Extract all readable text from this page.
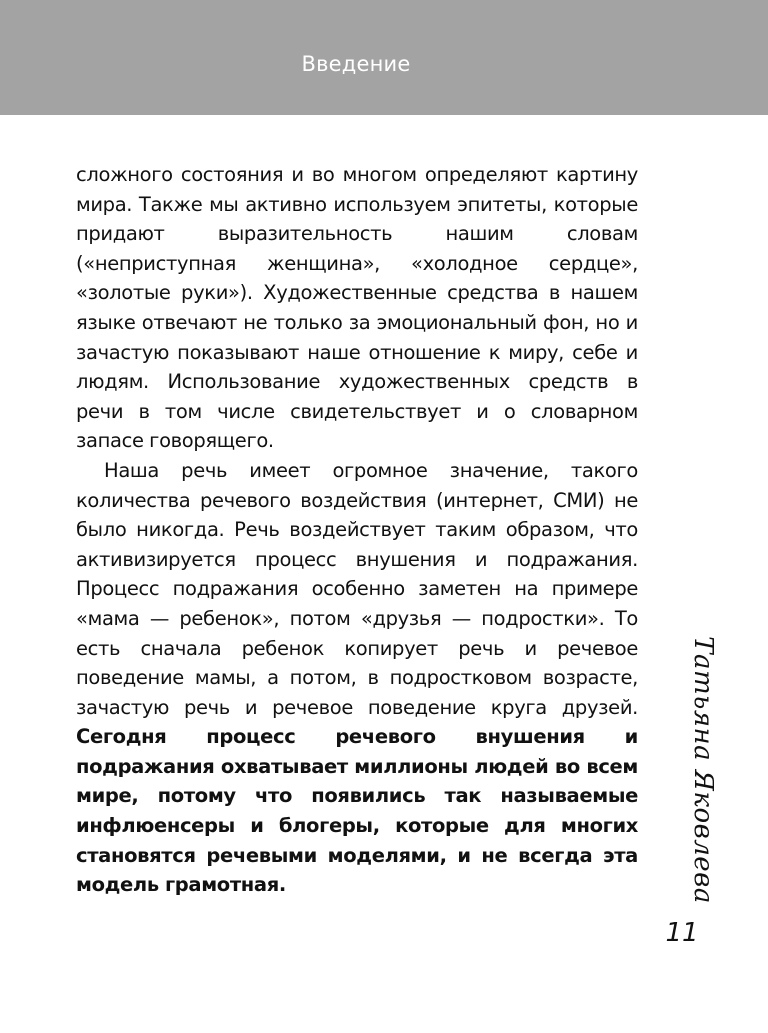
Введение

сложного состояния и во многом определяют картину мира. Также мы активно используем эпитеты, которые придают выразительность нашим словам («неприступная женщина», «холодное сердце», «золотые руки»). Художественные средства в нашем языке отвечают не только за эмоциональный фон, но и зачастую показывают наше отношение к миру, себе и людям. Использование художественных средств в речи в том числе свидетельствует и о словарном запасе говорящего.

Наша речь имеет огромное значение, такого количества речевого воздействия (интернет, СМИ) не было никогда. Речь воздействует таким образом, что активизируется процесс внушения и подражания. Процесс подражания особенно заметен на примере «мама — ребенок», потом «друзья — подростки». То есть сначала ребенок копирует речь и речевое поведение мамы, а потом, в подростковом возрасте, зачастую речь и речевое поведение круга друзей. Сегодня процесс речевого внушения и подражания охватывает миллионы людей во всем мире, потому что появились так называемые инфлюенсеры и блогеры, которые для многих становятся речевыми моделями, и не всегда эта модель грамотная.	Татьяна Яковлева
11
